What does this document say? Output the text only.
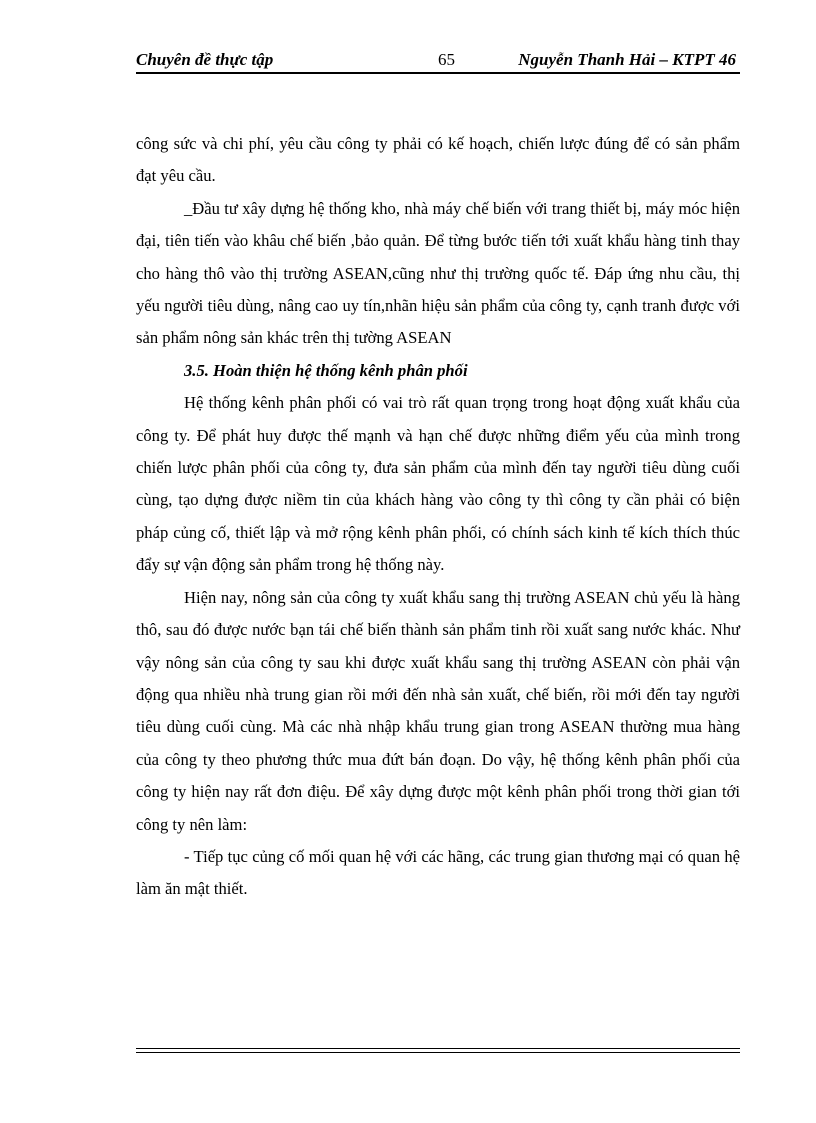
Chuyên đề thực tập	65	Nguyễn Thanh Hải – KTPT 46

công sức và chi phí, yêu cầu công ty phải có kế hoạch, chiến lược đúng để có sản phẩm đạt yêu cầu.

_Đầu tư xây dựng hệ thống kho, nhà máy chế biến với trang thiết bị, máy móc hiện đại, tiên tiến vào khâu chế biến ,bảo quản. Để từng bước tiến tới xuất khẩu hàng tinh thay cho hàng thô vào thị trường ASEAN,cũng như thị trường quốc tế. Đáp ứng nhu cầu, thị yếu người tiêu dùng, nâng cao uy tín,nhãn hiệu sản phẩm của công ty, cạnh tranh được với sản phẩm nông sản khác trên thị tường ASEAN

3.5. Hoàn thiện hệ thống kênh phân phối

Hệ thống kênh phân phối có vai trò rất quan trọng trong hoạt động xuất khẩu của công ty. Để phát huy được thế mạnh và hạn chế được những điểm yếu của mình trong chiến lược phân phối của công ty, đưa sản phẩm của mình đến tay người tiêu dùng cuối cùng, tạo dựng được niềm tin của khách hàng vào công ty thì công ty cần phải có biện pháp củng cố, thiết lập và mở rộng kênh phân phối, có chính sách kinh tế kích thích thúc đẩy sự vận động sản phẩm trong hệ thống này.

Hiện nay, nông sản của công ty xuất khẩu sang thị trường ASEAN chủ yếu là hàng thô, sau đó được nước bạn tái chế biến thành sản phẩm tinh rồi xuất sang nước khác. Như vậy nông sản của công ty sau khi được xuất khẩu sang thị trường ASEAN còn phải vận động qua nhiều nhà trung gian rồi mới đến nhà sản xuất, chế biến, rồi mới đến tay người tiêu dùng cuối cùng. Mà các nhà nhập khẩu trung gian trong ASEAN thường mua hàng của công ty theo phương thức mua đứt bán đoạn. Do vậy, hệ thống kênh phân phối của công ty hiện nay rất đơn điệu. Để xây dựng được một kênh phân phối trong thời gian tới công ty nên làm:

- Tiếp tục củng cố mối quan hệ với các hãng, các trung gian thương mại có quan hệ làm ăn mật thiết.
